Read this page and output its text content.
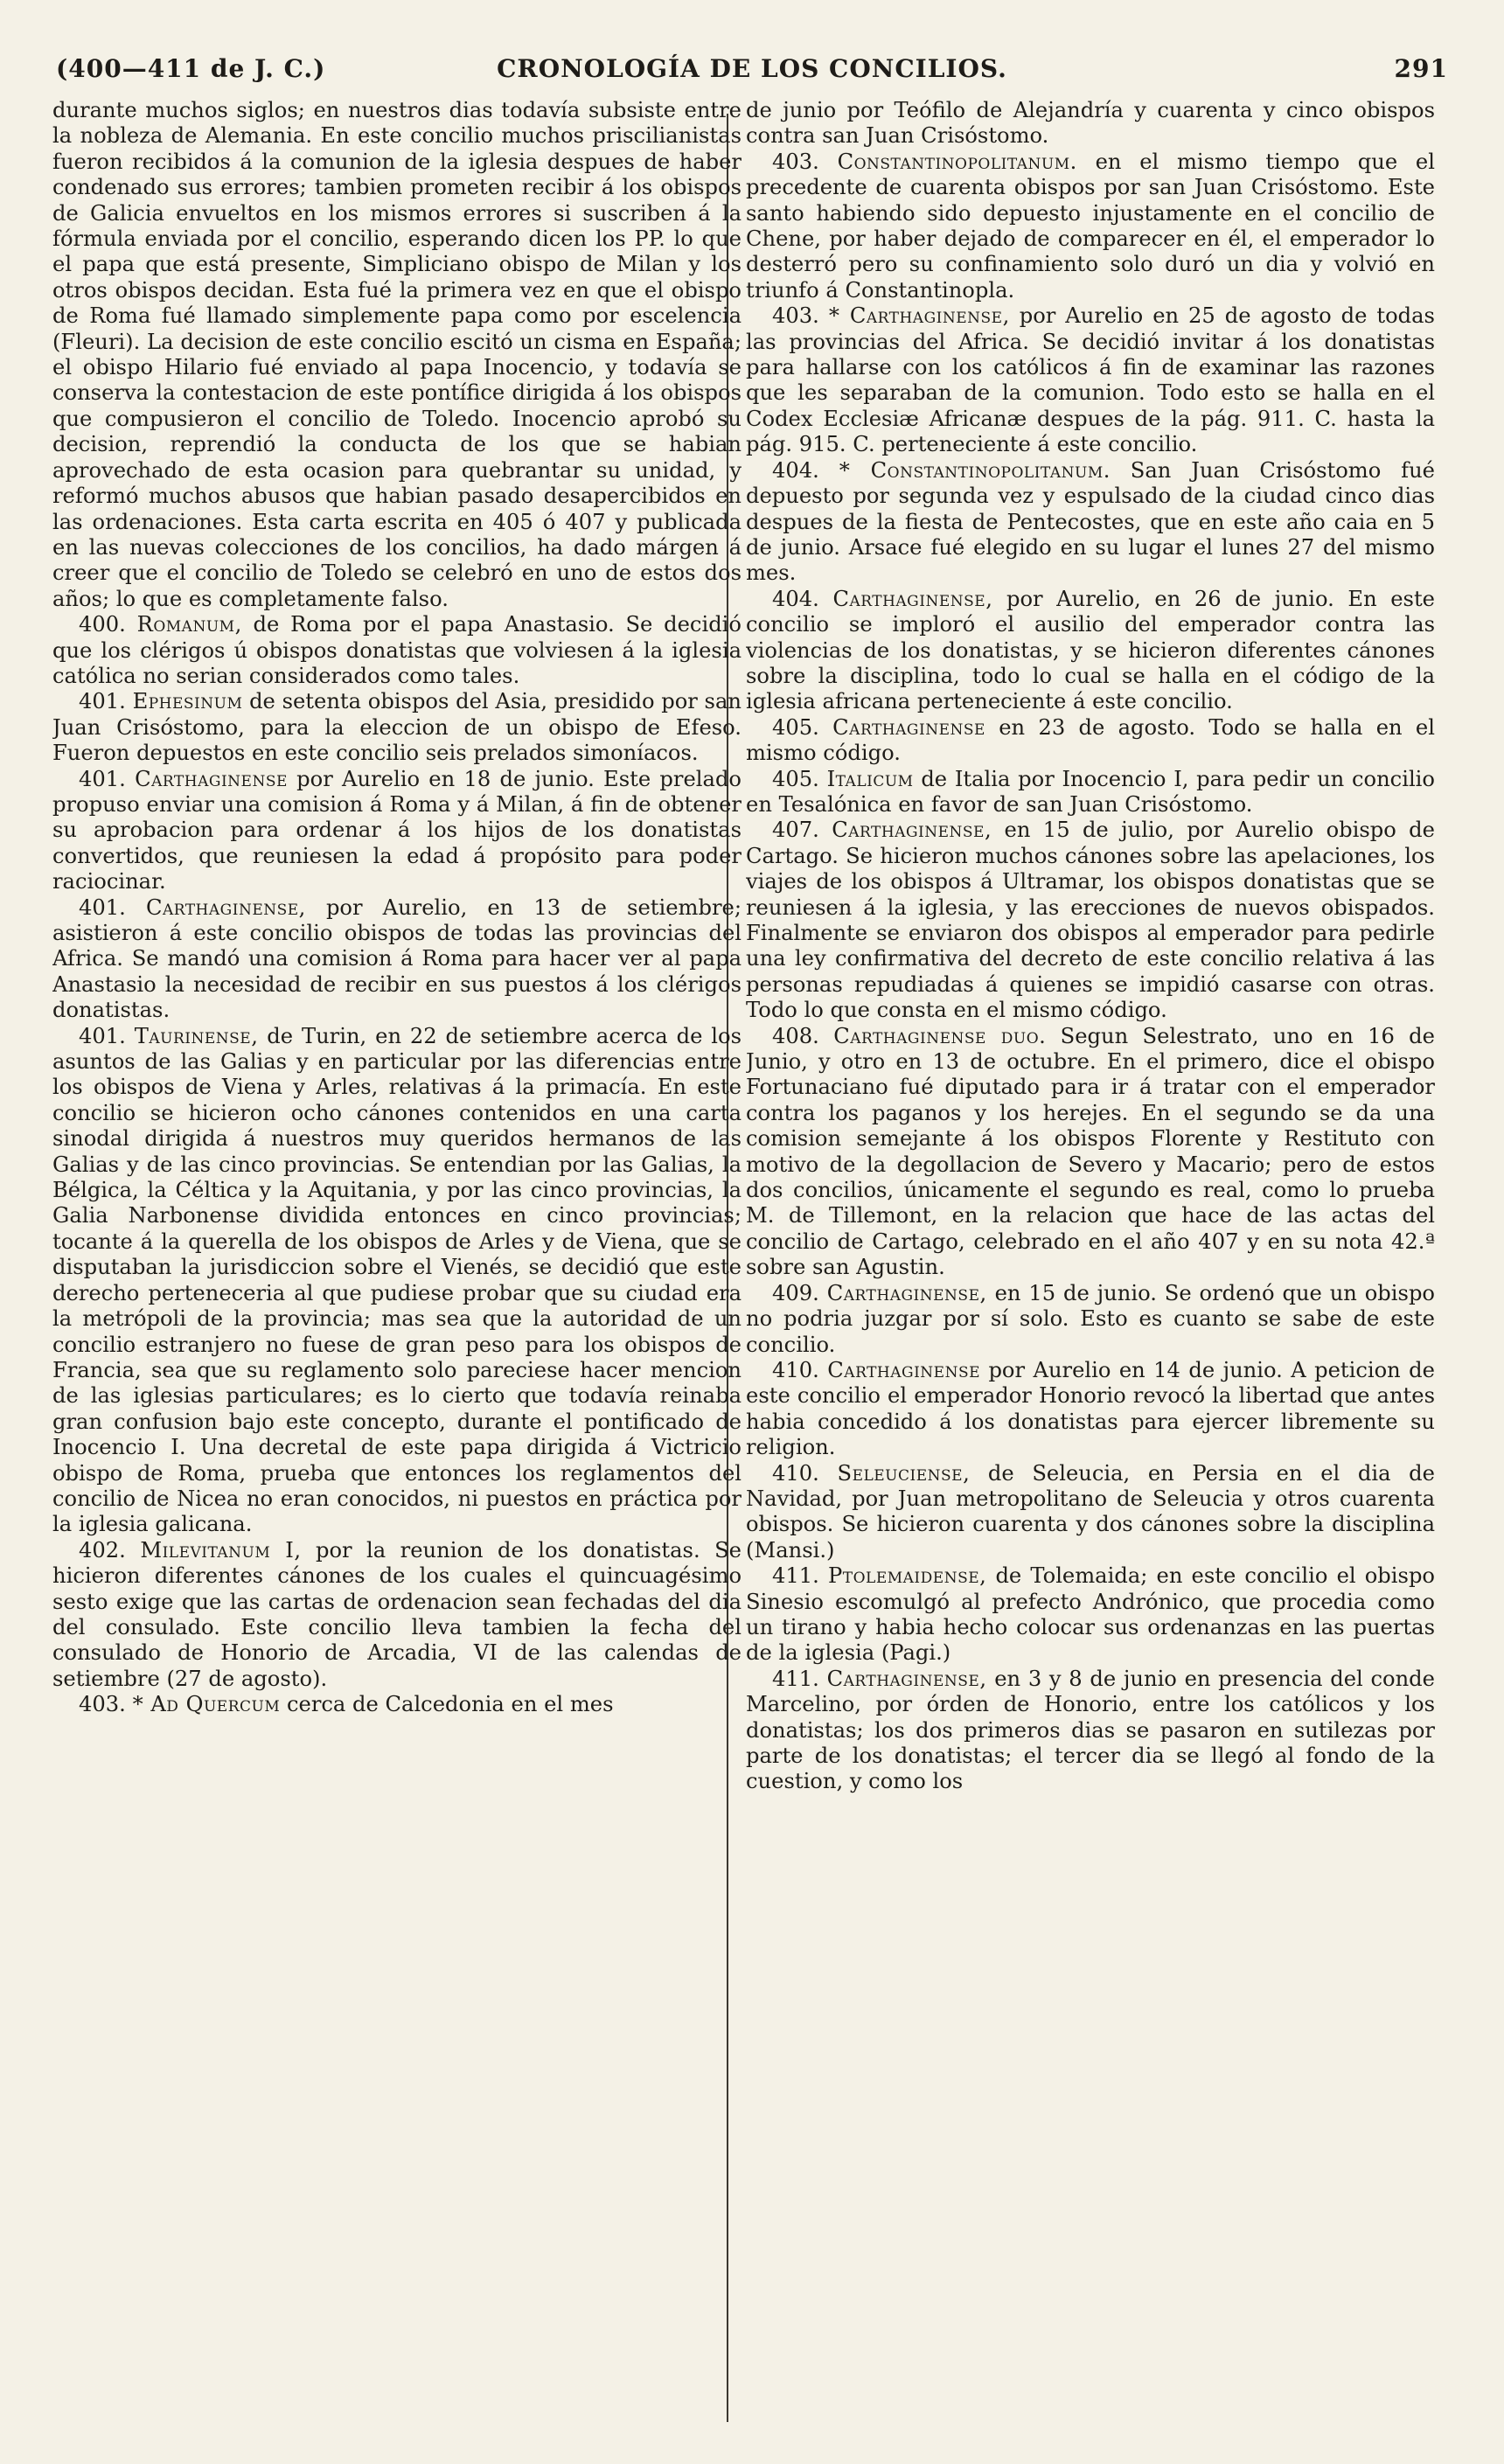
(400—411 de J. C.)	CRONOLOGÍA DE LOS CONCILIOS.	291

durante muchos siglos; en nuestros dias todavía subsiste entre la nobleza de Alemania. En este concilio muchos priscilianistas fueron recibidos á la comunion de la iglesia despues de haber condenado sus errores; tambien prometen recibir á los obispos de Galicia envueltos en los mismos errores si suscriben á la fórmula enviada por el concilio, esperando dicen los PP. lo que el papa que está presente, Simpliciano obispo de Milan y los otros obispos decidan. Esta fué la primera vez en que el obispo de Roma fué llamado simplemente papa como por escelencia (Fleuri). La decision de este concilio escitó un cisma en España; el obispo Hilario fué enviado al papa Inocencio, y todavía se conserva la contestacion de este pontífice dirigida á los obispos que compusieron el concilio de Toledo. Inocencio aprobó su decision, reprendió la conducta de los que se habian aprovechado de esta ocasion para quebrantar su unidad, y reformó muchos abusos que habian pasado desapercibidos en las ordenaciones. Esta carta escrita en 405 ó 407 y publicada en las nuevas colecciones de los concilios, ha dado márgen á creer que el concilio de Toledo se celebró en uno de estos dos años; lo que es completamente falso.

400. Romanum, de Roma por el papa Anastasio. Se decidió que los clérigos ú obispos donatistas que volviesen á la iglesia católica no serian considerados como tales.

401. Ephesinum de setenta obispos del Asia, presidido por san Juan Crisóstomo, para la eleccion de un obispo de Efeso. Fueron depuestos en este concilio seis prelados simoníacos.

401. Carthaginense por Aurelio en 18 de junio. Este prelado propuso enviar una comision á Roma y á Milan, á fin de obtener su aprobacion para ordenar á los hijos de los donatistas convertidos, que reuniesen la edad á propósito para poder raciocinar.

401. Carthaginense, por Aurelio, en 13 de setiembre; asistieron á este concilio obispos de todas las provincias del Africa. Se mandó una comision á Roma para hacer ver al papa Anastasio la necesidad de recibir en sus puestos á los clérigos donatistas.

401. Taurinense, de Turin, en 22 de setiembre acerca de los asuntos de las Galias y en particular por las diferencias entre los obispos de Viena y Arles, relativas á la primacía. En este concilio se hicieron ocho cánones contenidos en una carta sinodal dirigida á nuestros muy queridos hermanos de las Galias y de las cinco provincias. Se entendian por las Galias, la Bélgica, la Céltica y la Aquitania, y por las cinco provincias, la Galia Narbonense dividida entonces en cinco provincias; tocante á la querella de los obispos de Arles y de Viena, que se disputaban la jurisdiccion sobre el Vienés, se decidió que este derecho perteneceria al que pudiese probar que su ciudad era la metrópoli de la provincia; mas sea que la autoridad de un concilio estranjero no fuese de gran peso para los obispos de Francia, sea que su reglamento solo pareciese hacer mencion de las iglesias particulares; es lo cierto que todavía reinaba gran confusion bajo este concepto, durante el pontificado de Inocencio I. Una decretal de este papa dirigida á Victricio obispo de Roma, prueba que entonces los reglamentos del concilio de Nicea no eran conocidos, ni puestos en práctica por la iglesia galicana.

402. Milevitanum I, por la reunion de los donatistas. Se hicieron diferentes cánones de los cuales el quincuagésimo sesto exige que las cartas de ordenacion sean fechadas del dia del consulado. Este concilio lleva tambien la fecha del consulado de Honorio de Arcadia, VI de las calendas de setiembre (27 de agosto).

403. * Ad Quercum cerca de Calcedonia en el mes

de junio por Teófilo de Alejandría y cuarenta y cinco obispos contra san Juan Crisóstomo.

403. Constantinopolitanum. en el mismo tiempo que el precedente de cuarenta obispos por san Juan Crisóstomo. Este santo habiendo sido depuesto injustamente en el concilio de Chene, por haber dejado de comparecer en él, el emperador lo desterró pero su confinamiento solo duró un dia y volvió en triunfo á Constantinopla.

403. * Carthaginense, por Aurelio en 25 de agosto de todas las provincias del Africa. Se decidió invitar á los donatistas para hallarse con los católicos á fin de examinar las razones que les separaban de la comunion. Todo esto se halla en el Codex Ecclesiæ Africanæ despues de la pág. 911. C. hasta la pág. 915. C. perteneciente á este concilio.

404. * Constantinopolitanum. San Juan Crisóstomo fué depuesto por segunda vez y espulsado de la ciudad cinco dias despues de la fiesta de Pentecostes, que en este año caia en 5 de junio. Arsace fué elegido en su lugar el lunes 27 del mismo mes.

404. Carthaginense, por Aurelio, en 26 de junio. En este concilio se imploró el ausilio del emperador contra las violencias de los donatistas, y se hicieron diferentes cánones sobre la disciplina, todo lo cual se halla en el código de la iglesia africana perteneciente á este concilio.

405. Carthaginense en 23 de agosto. Todo se halla en el mismo código.

405. Italicum de Italia por Inocencio I, para pedir un concilio en Tesalónica en favor de san Juan Crisóstomo.

407. Carthaginense, en 15 de julio, por Aurelio obispo de Cartago. Se hicieron muchos cánones sobre las apelaciones, los viajes de los obispos á Ultramar, los obispos donatistas que se reuniesen á la iglesia, y las erecciones de nuevos obispados. Finalmente se enviaron dos obispos al emperador para pedirle una ley confirmativa del decreto de este concilio relativa á las personas repudiadas á quienes se impidió casarse con otras. Todo lo que consta en el mismo código.

408. Carthaginense duo. Segun Selestrato, uno en 16 de Junio, y otro en 13 de octubre. En el primero, dice el obispo Fortunaciano fué diputado para ir á tratar con el emperador contra los paganos y los herejes. En el segundo se da una comision semejante á los obispos Florente y Restituto con motivo de la degollacion de Severo y Macario; pero de estos dos concilios, únicamente el segundo es real, como lo prueba M. de Tillemont, en la relacion que hace de las actas del concilio de Cartago, celebrado en el año 407 y en su nota 42.ª sobre san Agustin.

409. Carthaginense, en 15 de junio. Se ordenó que un obispo no podria juzgar por sí solo. Esto es cuanto se sabe de este concilio.

410. Carthaginense por Aurelio en 14 de junio. A peticion de este concilio el emperador Honorio revocó la libertad que antes habia concedido á los donatistas para ejercer libremente su religion.

410. Seleuciense, de Seleucia, en Persia en el dia de Navidad, por Juan metropolitano de Seleucia y otros cuarenta obispos. Se hicieron cuarenta y dos cánones sobre la disciplina (Mansi.)

411. Ptolemaidense, de Tolemaida; en este concilio el obispo Sinesio escomulgó al prefecto Andrónico, que procedia como un tirano y habia hecho colocar sus ordenanzas en las puertas de la iglesia (Pagi.)

411. Carthaginense, en 3 y 8 de junio en presencia del conde Marcelino, por órden de Honorio, entre los católicos y los donatistas; los dos primeros dias se pasaron en sutilezas por parte de los donatistas; el tercer dia se llegó al fondo de la cuestion, y como los
